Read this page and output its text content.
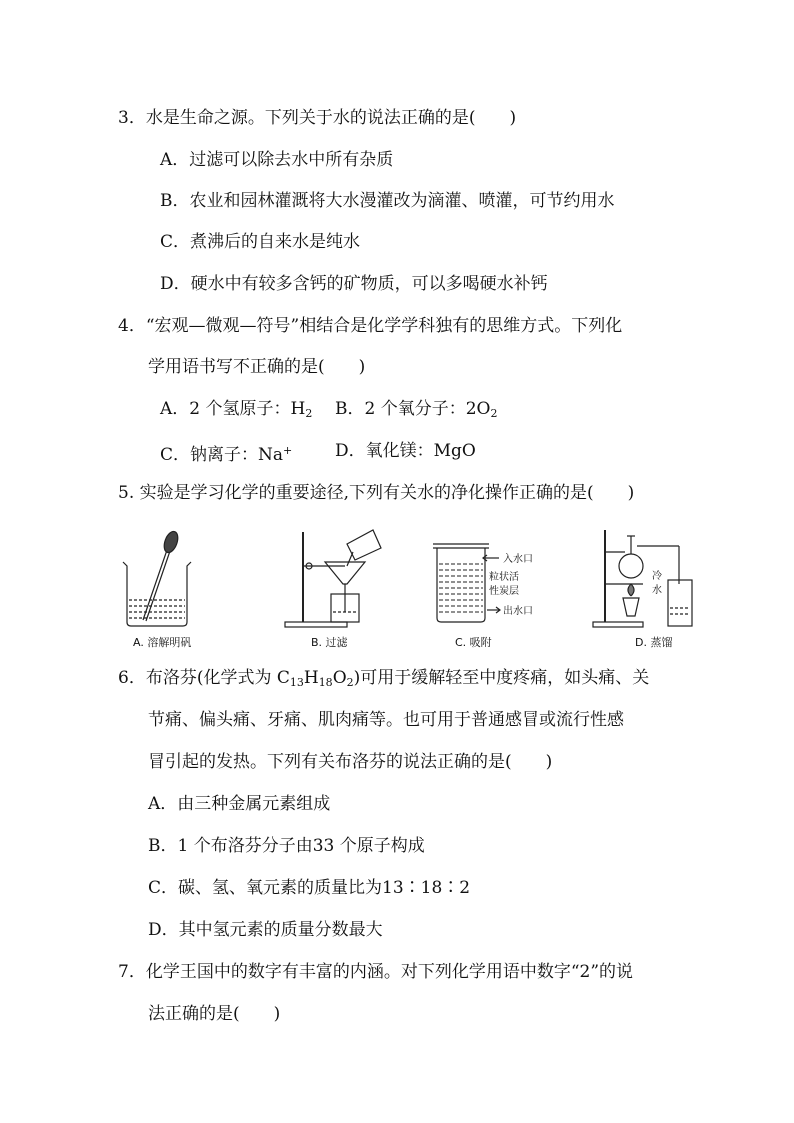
3．水是生命之源。下列关于水的说法正确的是(　　)
A．过滤可以除去水中所有杂质
B．农业和园林灌溉将大水漫灌改为滴灌、喷灌，可节约用水
C．煮沸后的自来水是纯水
D．硬水中有较多含钙的矿物质，可以多喝硬水补钙
4．“宏观—微观—符号”相结合是化学学科独有的思维方式。下列化
学用语书写不正确的是(　　)
A．2 个氢原子：$H_2$ B．2 个氧分子：$2O_2$
C．钠离子：Na+	D．氧化镁：MgO
5. 实验是学习化学的重要途径,下列有关水的净化操作正确的是(　　)
A. 溶解明矾	B. 过滤
入水口
粒状活
性炭层
出水口
C. 吸附
冷
水
D. 蒸馏
6．布洛芬(化学式为 $C_{13}H_{18}O_2$)可用于缓解轻至中度疼痛，如头痛、关
节痛、偏头痛、牙痛、肌肉痛等。也可用于普通感冒或流行性感
冒引起的发热。下列有关布洛芬的说法正确的是(　　)
A．由三种金属元素组成
B．1 个布洛芬分子由33 个原子构成
C．碳、氢、氧元素的质量比为13∶18∶2
D．其中氢元素的质量分数最大
7．化学王国中的数字有丰富的内涵。对下列化学用语中数字“2”的说
法正确的是(　　)
